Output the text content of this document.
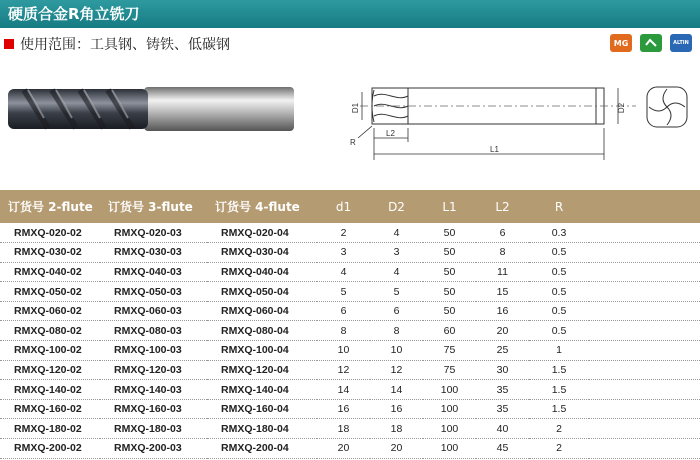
硬质合金R角立铣刀
使用范围：工具钢、铸铁、低碳钢	MG	ALTIN
D1	D2
R
L2
L1
订货号 2-flute	订货号 3-flute	订货号 4-flute	d1	D2	L1	L2	R	
RMXQ-020-02	RMXQ-020-03	RMXQ-020-04	2	4	50	6	0.3	
RMXQ-030-02	RMXQ-030-03	RMXQ-030-04	3	3	50	8	0.5	
RMXQ-040-02	RMXQ-040-03	RMXQ-040-04	4	4	50	11	0.5	
RMXQ-050-02	RMXQ-050-03	RMXQ-050-04	5	5	50	15	0.5	
RMXQ-060-02	RMXQ-060-03	RMXQ-060-04	6	6	50	16	0.5	
RMXQ-080-02	RMXQ-080-03	RMXQ-080-04	8	8	60	20	0.5	
RMXQ-100-02	RMXQ-100-03	RMXQ-100-04	10	10	75	25	1	
RMXQ-120-02	RMXQ-120-03	RMXQ-120-04	12	12	75	30	1.5	
RMXQ-140-02	RMXQ-140-03	RMXQ-140-04	14	14	100	35	1.5	
RMXQ-160-02	RMXQ-160-03	RMXQ-160-04	16	16	100	35	1.5	
RMXQ-180-02	RMXQ-180-03	RMXQ-180-04	18	18	100	40	2	
RMXQ-200-02	RMXQ-200-03	RMXQ-200-04	20	20	100	45	2	
